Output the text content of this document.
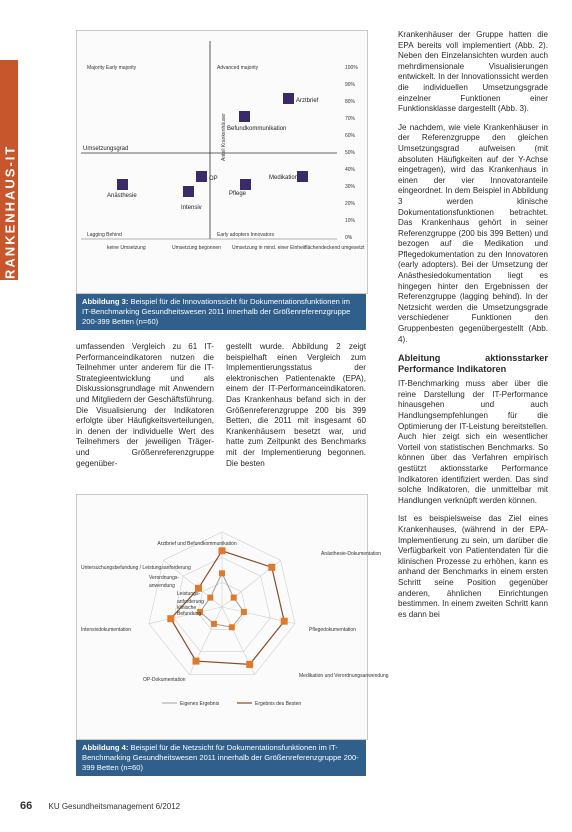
KRANKENHAUS-IT
Majority Early majority	Advanced majority
Lagging Behind	Early adopters Innovators
Umsetzungsgrad	Anteil Krankenhäuser
100%
90%
80%
70%
60%
50%
40%
30%
20%
10%
0%
Arztbrief
Befundkommunikation
OP	Medikation
Anästhesie	Pflege
Intensiv
keine Umsetzung	Umsetzung begonnen Umsetzung in mind. einer Einheit flächendeckend umgesetzt
Abbildung 3: Beispiel für die Innovationssicht für Dokumentationsfunktionen im IT-Benchmarking Gesundheitswesen 2011 innerhalb der Größenreferenzgruppe 200-399 Betten (n=60)

umfassenden Vergleich zu 61 IT-Performanceindikatoren nutzen die Teilnehmer unter anderem für die IT-Strategieentwicklung und als Diskussionsgrundlage mit Anwendern und Mitgliedern der Geschäftsführung. Die Visualisierung der Indikatoren erfolgte über Häufigkeitsverteilungen, in denen der individuelle Wert des Teilnehmers der jeweiligen Träger- und Größenreferenzgruppe gegenüber-

gestellt wurde. Abbildung 2 zeigt beispielhaft einen Vergleich zum Implementierungsstatus der elektronischen Patientenakte (EPA), einem der IT-Performanceindikatoren. Das Krankenhaus befand sich in der Größenreferenzgruppe 200 bis 399 Betten, die 2011 mit insgesamt 60 Krankenhäusern besetzt war, und hatte zum Zeitpunkt des Benchmarks mit der Implementierung begonnen. Die besten

Arztbrief und Befundkommunikation
Anästhesie-Dokumentation
Pflegedokumentation
Medikation und Verordnungsanwendung
OP-Dokumentation
Intensivdokumentation
Untersuchungsbefundung / Leistungsanforderung
Verordnungs-
anwendung
Leistungs-
anforderung
klinische
Befundung
Eigenes Ergebnis	Ergebnis des Besten
Abbildung 4: Beispiel für die Netzsicht für Dokumentationsfunktionen im IT-Benchmarking Gesundheitswesen 2011 innerhalb der Größenreferenzgruppe 200-399 Betten (n=60)

Krankenhäuser der Gruppe hatten die EPA bereits voll implementiert (Abb. 2). Neben den Einzelansichten wurden auch mehrdimensionale Visualisierungen entwickelt. In der Innovationssicht werden die individuellen Umsetzungsgrade einzelner Funktionen einer Funktionsklasse dargestellt (Abb. 3).

Je nachdem, wie viele Krankenhäuser in der Referenzgruppe den gleichen Umsetzungsgrad aufweisen (mit absoluten Häufigkeiten auf der Y-Achse eingetragen), wird das Krankenhaus in einen der vier Innovatoranteile eingeordnet. In dem Beispiel in Abbildung 3 werden klinische Dokumentationsfunktionen betrachtet. Das Krankenhaus gehört in seiner Referenzgruppe (200 bis 399 Betten) und bezogen auf die Medikation und Pflegedokumentation zu den Innovatoren (early adopters). Bei der Umsetzung der Anästhesiedokumentation liegt es hingegen hinter den Ergebnissen der Referenzgruppe (lagging behind). In der Netzsicht werden die Umsetzungsgrade verschiedener Funktionen den Gruppenbesten gegenübergestellt (Abb. 4).

Ableitung aktionsstarker Performance Indikatoren

IT-Benchmarking muss aber über die reine Darstellung der IT-Performance hinausgehen und auch Handlungsempfehlungen für die Optimierung der IT-Leistung bereitstellen. Auch hier zeigt sich ein wesentlicher Vorteil von statistischen Benchmarks. So können über das Verfahren empirisch gestützt aktionsstarke Performance Indikatoren identifiziert werden. Das sind solche Indikatoren, die unmittelbar mit Handlungen verknüpft werden können.

Ist es beispielsweise das Ziel eines Krankenhauses, (während in der EPA-Implementierung zu sein, um darüber die Verfügbarkeit von Patientendaten für die klinischen Prozesse zu erhöhen, kann es anhand der Benchmarks in einem ersten Schritt seine Position gegenüber anderen, ähnlichen Einrichtungen bestimmen. In einem zweiten Schritt kann es dann bei

66 KU Gesundheitsmanagement 6/2012
